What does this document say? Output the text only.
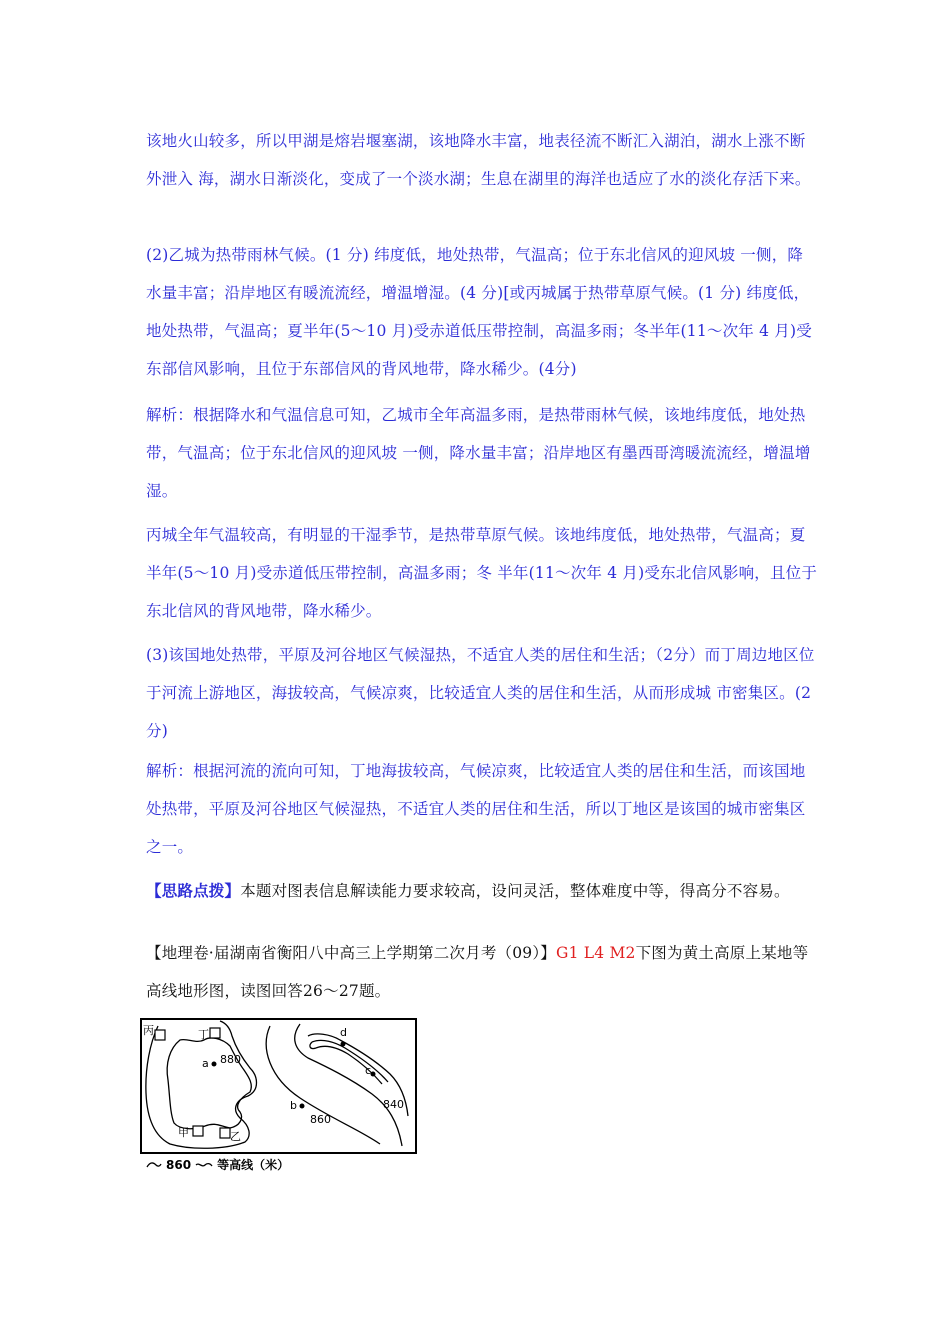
该地火山较多，所以甲湖是熔岩堰塞湖，该地降水丰富，地表径流不断汇入湖泊，湖水上涨不断外泄入 海，湖水日渐淡化，变成了一个淡水湖；生息在湖里的海洋也适应了水的淡化存活下来。
(2)乙城为热带雨林气候。(1 分) 纬度低，地处热带，气温高；位于东北信风的迎风坡 一侧，降水量丰富；沿岸地区有暖流流经，增温增湿。(4 分)[或丙城属于热带草原气候。(1 分) 纬度低，地处热带，气温高；夏半年(5～10 月)受赤道低压带控制，高温多雨；冬半年(11～次年 4 月)受东部信风影响，且位于东部信风的背风地带，降水稀少。(4分)
解析：根据降水和气温信息可知，乙城市全年高温多雨，是热带雨林气候，该地纬度低，地处热带，气温高；位于东北信风的迎风坡 一侧，降水量丰富；沿岸地区有墨西哥湾暖流流经，增温增湿。
丙城全年气温较高，有明显的干湿季节，是热带草原气候。该地纬度低，地处热带，气温高；夏半年(5～10 月)受赤道低压带控制，高温多雨；冬 半年(11～次年 4 月)受东北信风影响，且位于东北信风的背风地带，降水稀少。
(3)该国地处热带，平原及河谷地区气候湿热，不适宜人类的居住和生活；（2分）而丁周边地区位于河流上游地区，海拔较高，气候凉爽，比较适宜人类的居住和生活，从而形成城 市密集区。(2分)
解析：根据河流的流向可知，丁地海拔较高，气候凉爽，比较适宜人类的居住和生活，而该国地处热带，平原及河谷地区气候湿热，不适宜人类的居住和生活，所以丁地区是该国的城市密集区之一。
【思路点拨】本题对图表信息解读能力要求较高，设问灵活，整体难度中等，得高分不容易。
【地理卷·届湖南省衡阳八中高三上学期第二次月考（09）】G1 L4 M2下图为黄土高原上某地等高线地形图，读图回答26～27题。
丙	丁
甲	乙
a 880
b
860
840
c
d
860 等高线（米）
